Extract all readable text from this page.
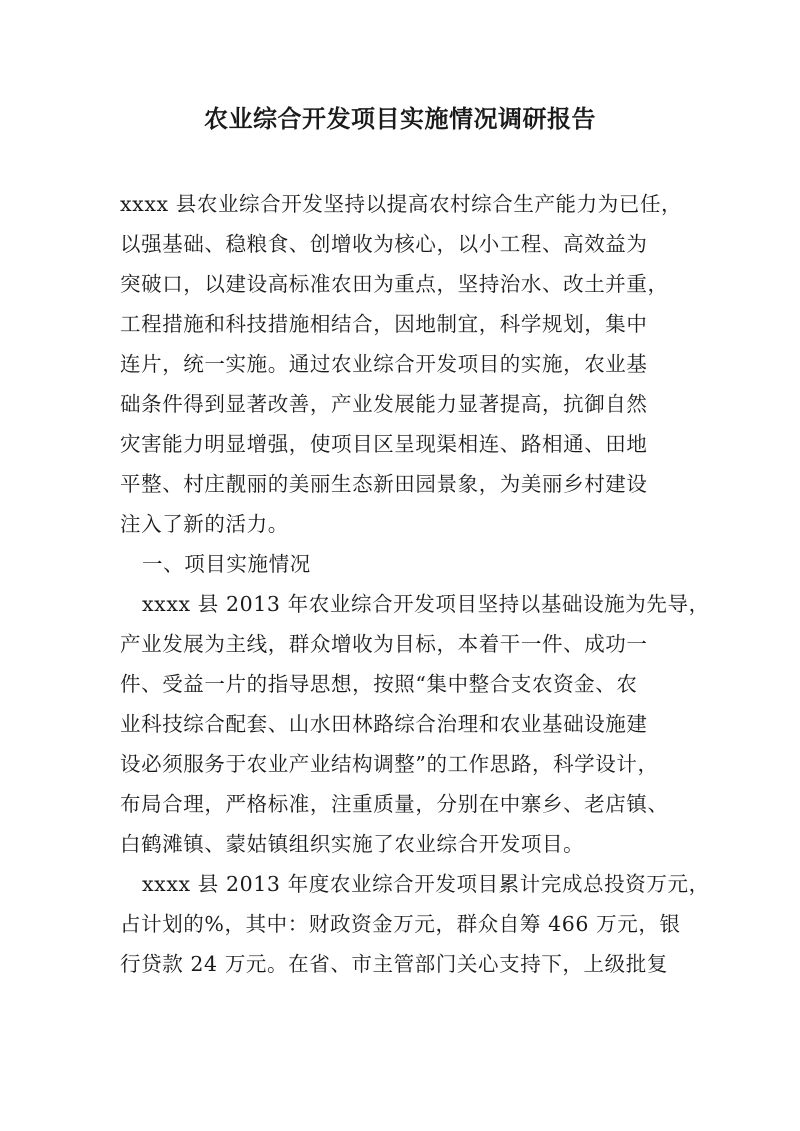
农业综合开发项目实施情况调研报告
xxxx 县农业综合开发坚持以提高农村综合生产能力为已任，
以强基础、稳粮食、创增收为核心，以小工程、高效益为
突破口，以建设高标准农田为重点，坚持治水、改土并重，
工程措施和科技措施相结合，因地制宜，科学规划，集中
连片，统一实施。通过农业综合开发项目的实施，农业基
础条件得到显著改善，产业发展能力显著提高，抗御自然
灾害能力明显增强，使项目区呈现渠相连、路相通、田地
平整、村庄靓丽的美丽生态新田园景象，为美丽乡村建设
注入了新的活力。
一、项目实施情况
xxxx 县 2013 年农业综合开发项目坚持以基础设施为先导，
产业发展为主线，群众增收为目标，本着干一件、成功一
件、受益一片的指导思想，按照“集中整合支农资金、农
业科技综合配套、山水田林路综合治理和农业基础设施建
设必须服务于农业产业结构调整”的工作思路，科学设计，
布局合理，严格标准，注重质量，分别在中寨乡、老店镇、
白鹤滩镇、蒙姑镇组织实施了农业综合开发项目。
xxxx 县 2013 年度农业综合开发项目累计完成总投资万元，
占计划的%，其中：财政资金万元，群众自筹 466 万元，银
行贷款 24 万元。在省、市主管部门关心支持下，上级批复
